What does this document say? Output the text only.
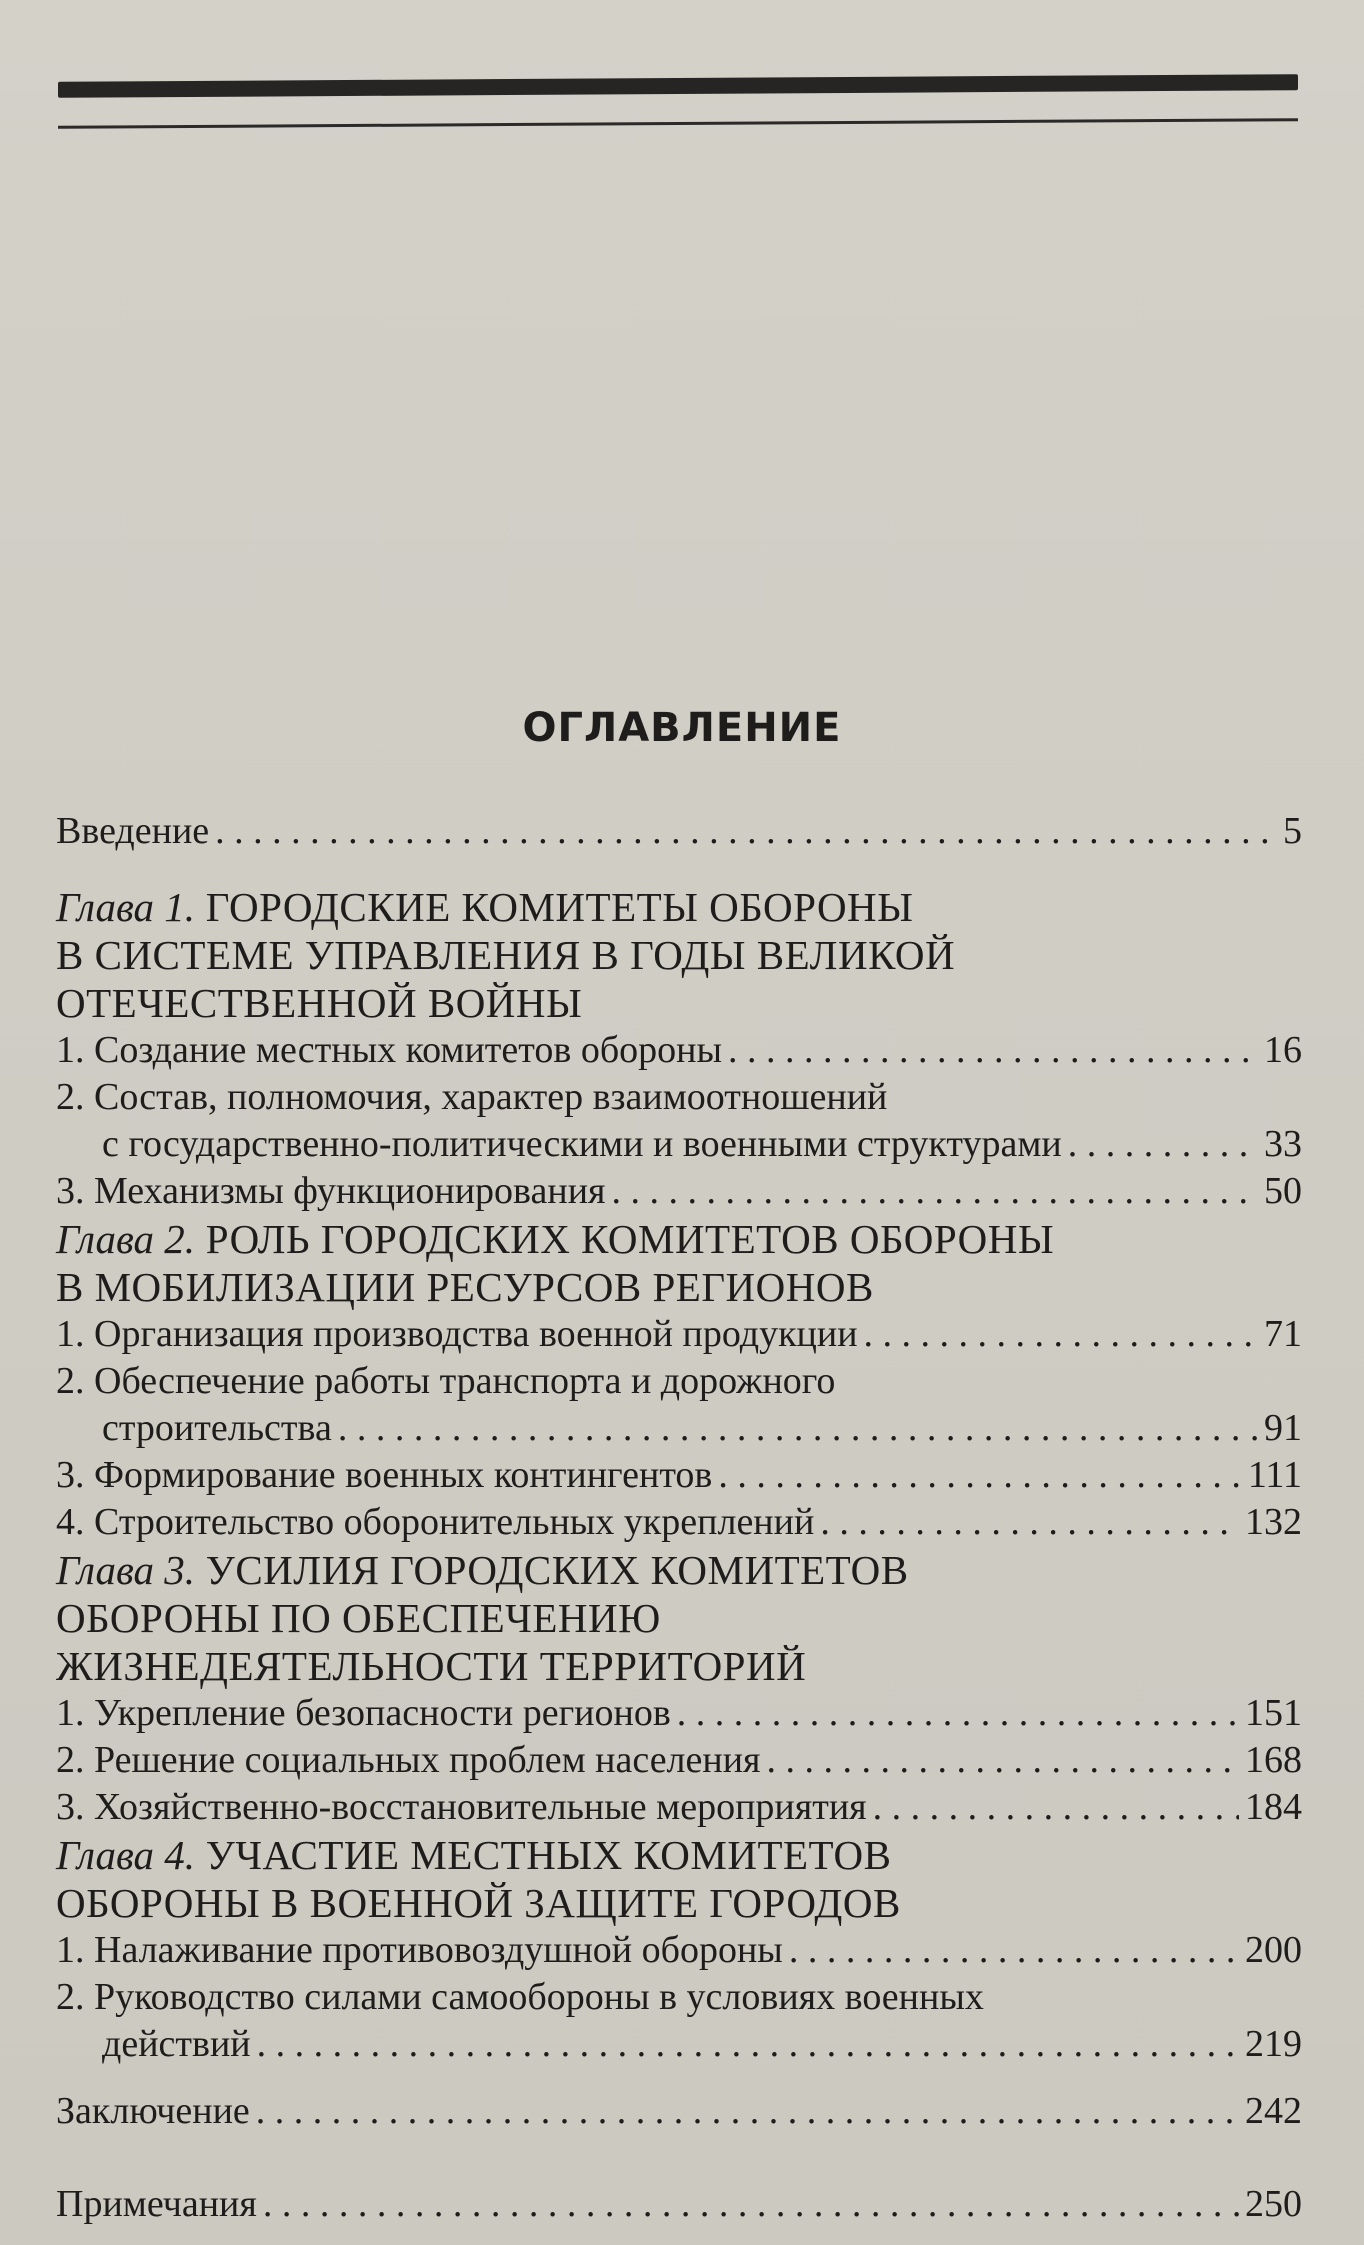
ОГЛАВЛЕНИЕ
Введение . . .	5
Глава 1. ГОРОДСКИЕ КОМИТЕТЫ ОБОРОНЫ
В СИСТЕМЕ УПРАВЛЕНИЯ В ГОДЫ ВЕЛИКОЙ
ОТЕЧЕСТВЕННОЙ ВОЙНЫ
1. Создание местных комитетов обороны . . .	16
2. Состав, полномочия, характер взаимоотношений
с государственно-политическими и военными структурами . . .	33
3. Механизмы функционирования . . .	50
Глава 2. РОЛЬ ГОРОДСКИХ КОМИТЕТОВ ОБОРОНЫ
В МОБИЛИЗАЦИИ РЕСУРСОВ РЕГИОНОВ
1. Организация производства военной продукции . . .	71
2. Обеспечение работы транспорта и дорожного
строительства . . .	91
3. Формирование военных контингентов . . .	111
4. Строительство оборонительных укреплений . . .	132
Глава 3. УСИЛИЯ ГОРОДСКИХ КОМИТЕТОВ
ОБОРОНЫ ПО ОБЕСПЕЧЕНИЮ
ЖИЗНЕДЕЯТЕЛЬНОСТИ ТЕРРИТОРИЙ
1. Укрепление безопасности регионов . . .	151
2. Решение социальных проблем населения . . .	168
3. Хозяйственно-восстановительные мероприятия . . .	184
Глава 4. УЧАСТИЕ МЕСТНЫХ КОМИТЕТОВ
ОБОРОНЫ В ВОЕННОЙ ЗАЩИТЕ ГОРОДОВ
1. Налаживание противовоздушной обороны . . .	200
2. Руководство силами самообороны в условиях военных
действий . . .	219
Заключение . . .	242
Примечания . . .	250
